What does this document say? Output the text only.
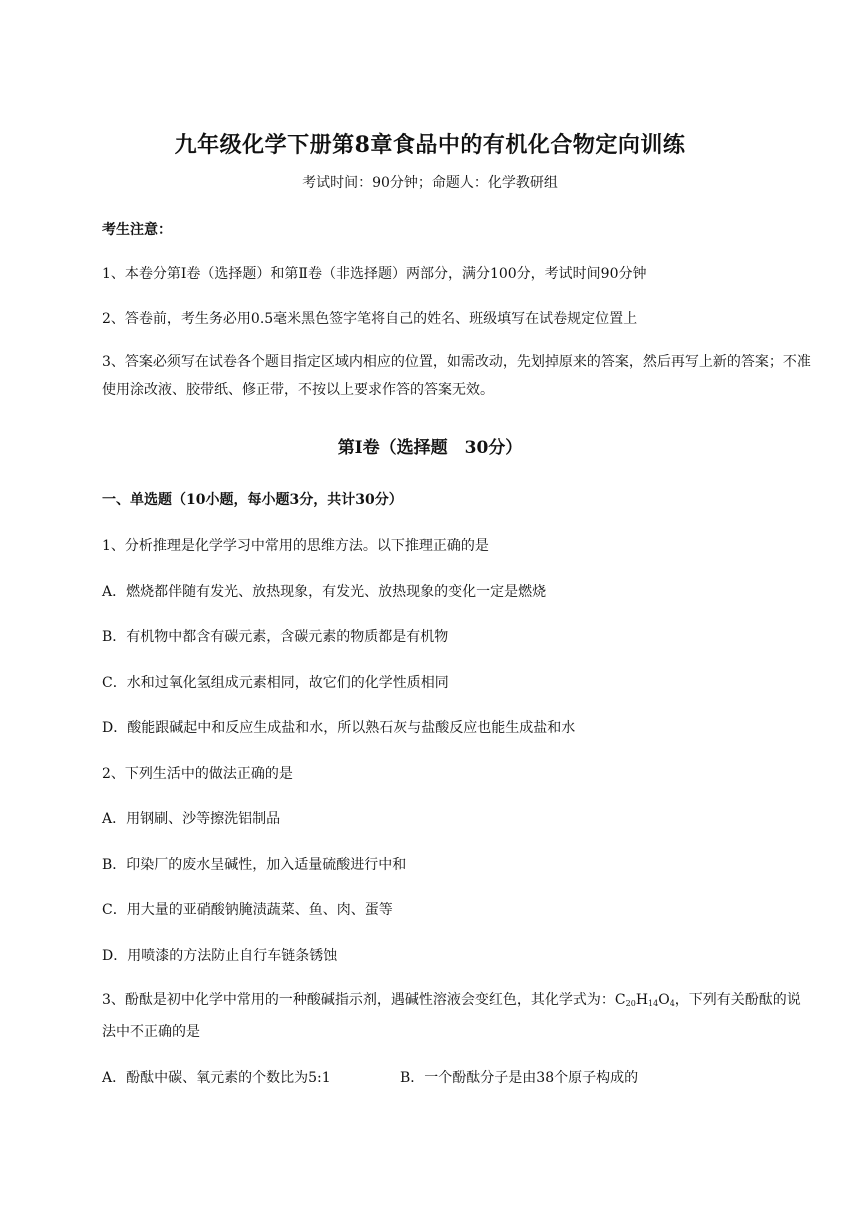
九年级化学下册第8章食品中的有机化合物定向训练
考试时间：90分钟；命题人：化学教研组
考生注意：
1、本卷分第Ⅰ卷（选择题）和第Ⅱ卷（非选择题）两部分，满分100分，考试时间90分钟
2、答卷前，考生务必用0.5毫米黑色签字笔将自己的姓名、班级填写在试卷规定位置上
3、答案必须写在试卷各个题目指定区域内相应的位置，如需改动，先划掉原来的答案，然后再写上新的答案；不准使用涂改液、胶带纸、修正带，不按以上要求作答的答案无效。
第Ⅰ卷（选择题　30分）
一、单选题（10小题，每小题3分，共计30分）
1、分析推理是化学学习中常用的思维方法。以下推理正确的是
A．燃烧都伴随有发光、放热现象，有发光、放热现象的变化一定是燃烧
B．有机物中都含有碳元素，含碳元素的物质都是有机物
C．水和过氧化氢组成元素相同，故它们的化学性质相同
D．酸能跟碱起中和反应生成盐和水，所以熟石灰与盐酸反应也能生成盐和水
2、下列生活中的做法正确的是
A．用钢刷、沙等擦洗铝制品
B．印染厂的废水呈碱性，加入适量硫酸进行中和
C．用大量的亚硝酸钠腌渍蔬菜、鱼、肉、蛋等
D．用喷漆的方法防止自行车链条锈蚀
3、酚酞是初中化学中常用的一种酸碱指示剂，遇碱性溶液会变红色，其化学式为：$C_{20}H_{14}O_4$，下列有关酚酞的说法中不正确的是
A．酚酞中碳、氧元素的个数比为5:1	B．一个酚酞分子是由38个原子构成的
